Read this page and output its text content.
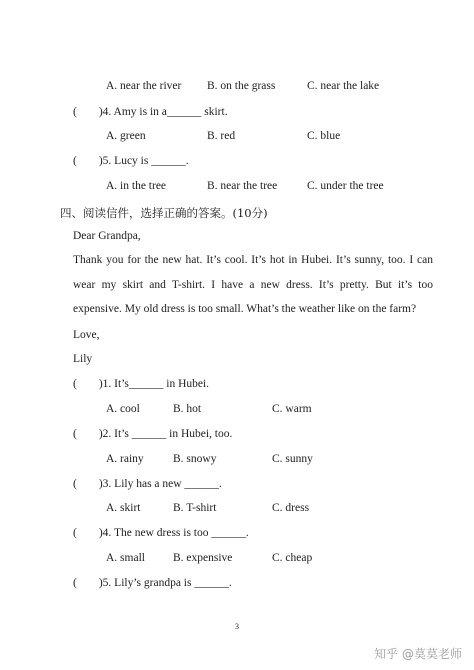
A. near the river B. on the grass	C. near the lake
( )4. Amy is in a______ skirt.
A. green	B. red	C. blue
( )5. Lucy is ______.
A. in the tree	B. near the tree	C. under the tree
四、阅读信件，选择正确的答案。(10分)
Dear Grandpa,
Thank you for the new hat. It’s cool. It’s hot in Hubei. It’s sunny, too. I can wear my skirt and T-shirt. I have a new dress. It’s pretty. But it’s too expensive. My old dress is too small. What’s the weather like on the farm?
Love,
Lily
( )1. It’s______ in Hubei.
A. cool	B. hot	C. warm
( )2. It’s ______ in Hubei, too.
A. rainy	B. snowy	C. sunny
( )3. Lily has a new ______.
A. skirt	B. T-shirt	C. dress
( )4. The new dress is too ______.
A. small B. expensive	C. cheap
( )5. Lily’s grandpa is ______.
3
知乎 @莫莫老师
